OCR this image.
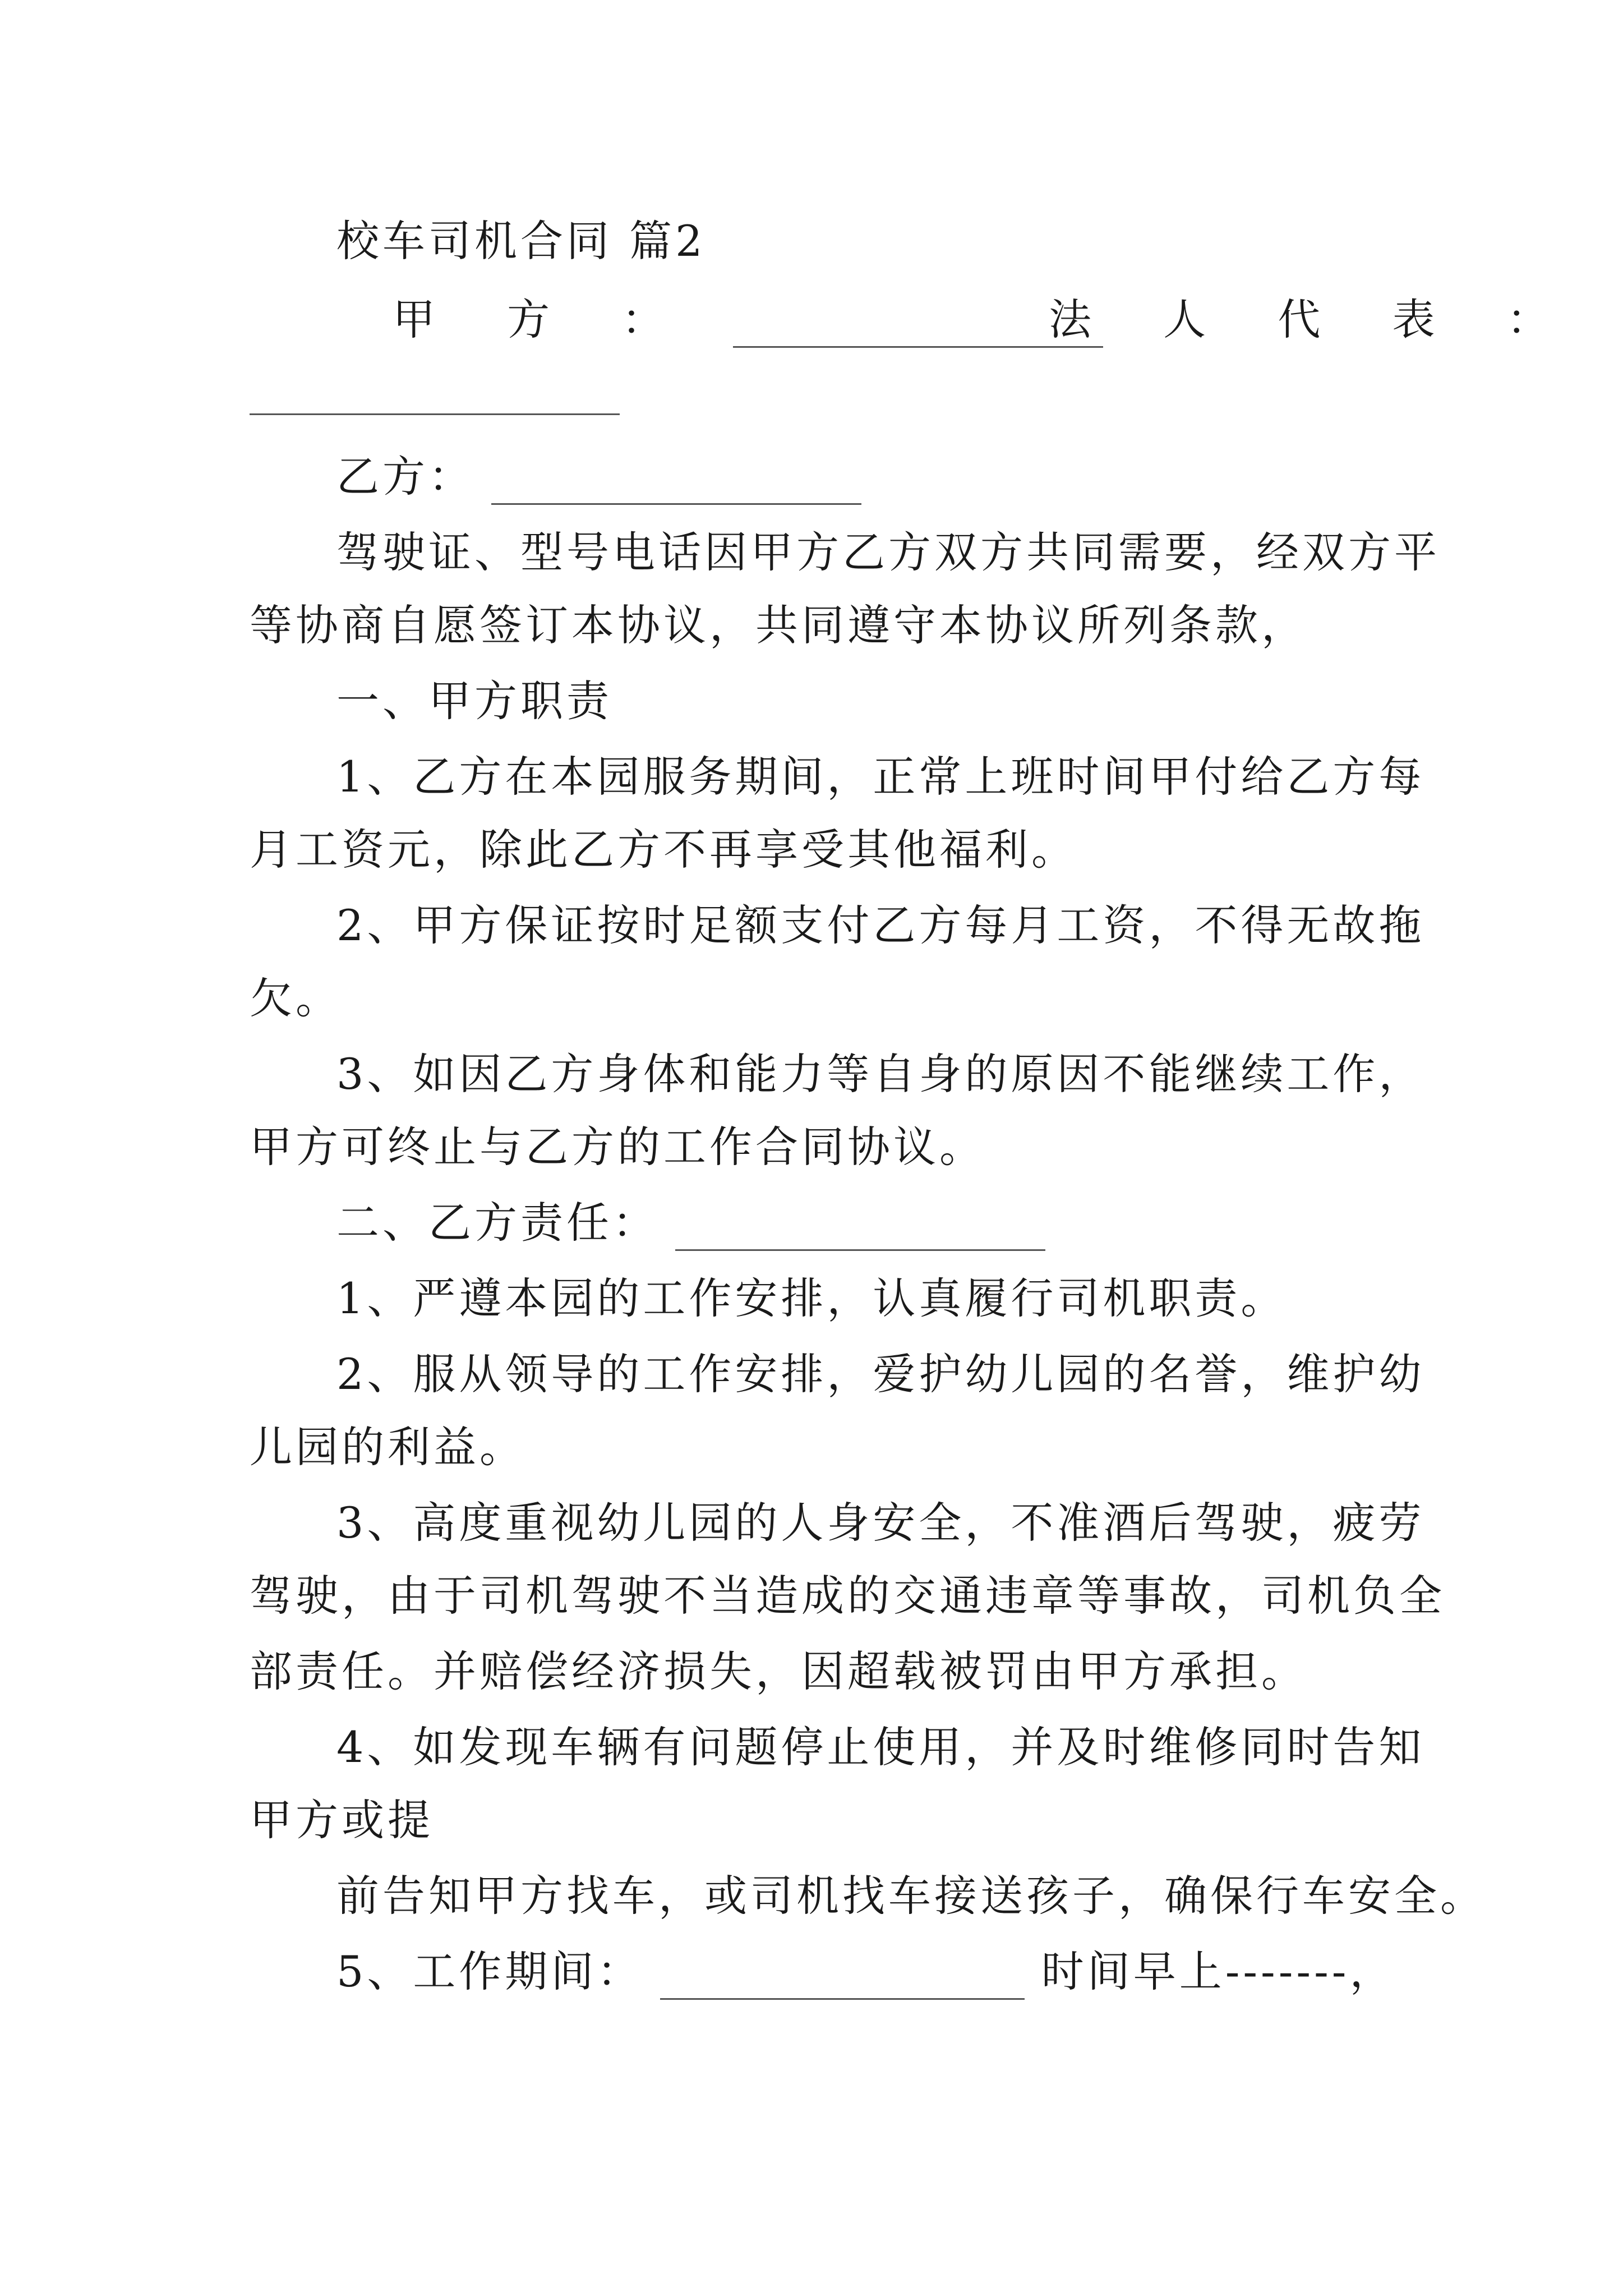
校车司机合同 篇2
甲 方 ：	法 人 代 表 ：
乙方：
驾驶证、型号电话因甲方乙方双方共同需要，经双方平
等协商自愿签订本协议，共同遵守本协议所列条款，
一、甲方职责
1、乙方在本园服务期间，正常上班时间甲付给乙方每
月工资元，除此乙方不再享受其他福利。
2、甲方保证按时足额支付乙方每月工资，不得无故拖
欠。
3、如因乙方身体和能力等自身的原因不能继续工作，
甲方可终止与乙方的工作合同协议。
二、乙方责任：
1、严遵本园的工作安排，认真履行司机职责。
2、服从领导的工作安排，爱护幼儿园的名誉，维护幼
儿园的利益。
3、高度重视幼儿园的人身安全，不准酒后驾驶，疲劳
驾驶，由于司机驾驶不当造成的交通违章等事故，司机负全
部责任。并赔偿经济损失，因超载被罚由甲方承担。
4、如发现车辆有问题停止使用，并及时维修同时告知
甲方或提
前告知甲方找车，或司机找车接送孩子，确保行车安全。
5、工作期间：	时间早上-------，
